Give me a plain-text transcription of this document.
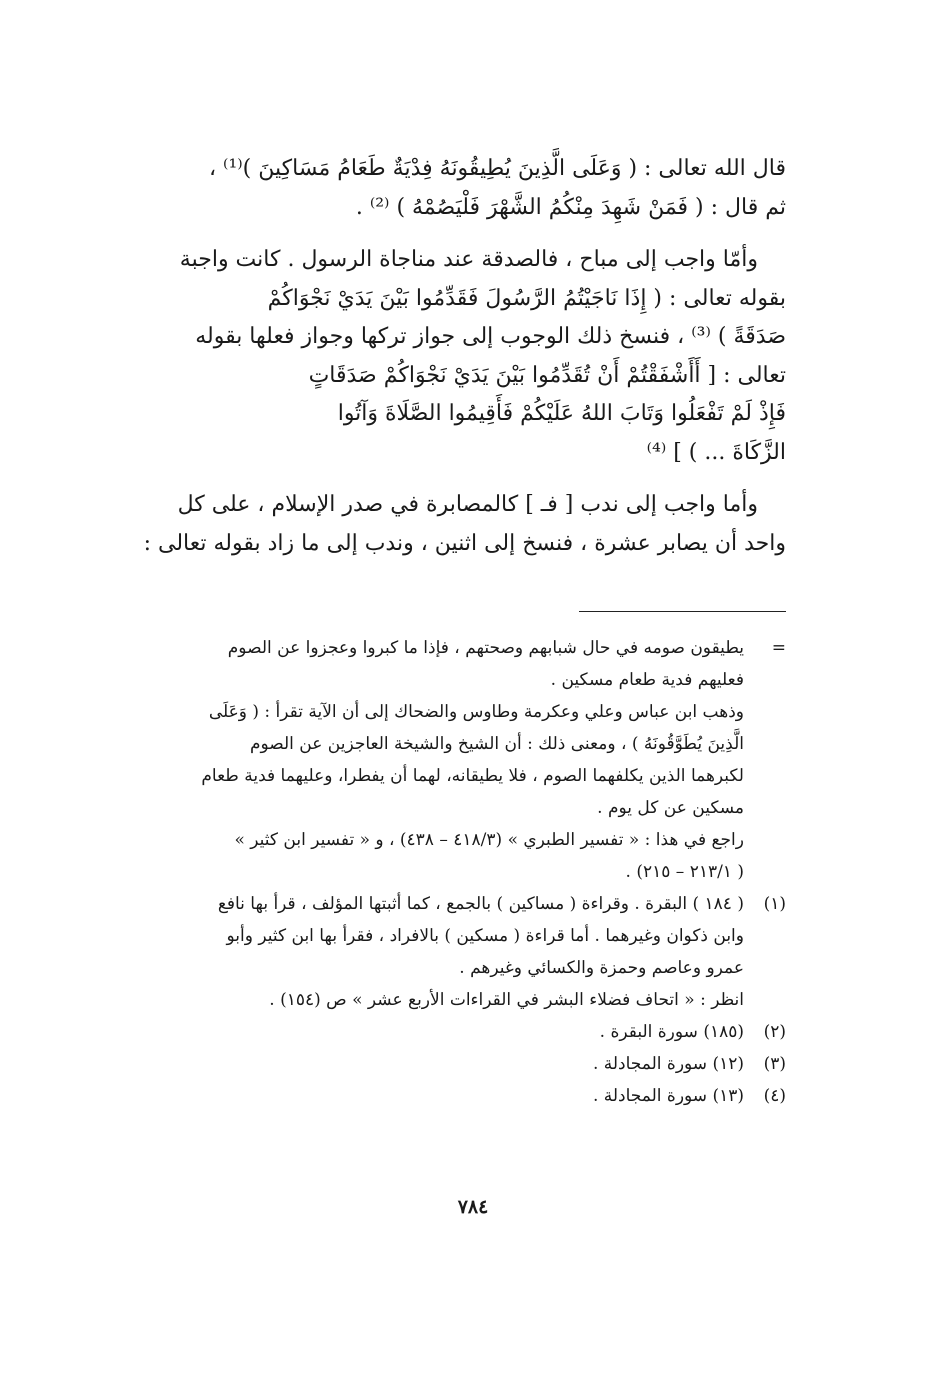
قال الله تعالى : ( وَعَلَى الَّذِينَ يُطِيقُونَهُ فِدْيَةٌ طَعَامُ مَسَاكِينَ )⁽¹⁾ ،

ثم قال : ( فَمَنْ شَهِدَ مِنْكُمُ الشَّهْرَ فَلْيَصُمْهُ ) ⁽²⁾ .

وأمّا واجب إلى مباح ، فالصدقة عند مناجاة الرسول . كانت واجبة

بقوله تعالى : ( إِذَا نَاجَيْتُمُ الرَّسُولَ فَقَدِّمُوا بَيْنَ يَدَيْ نَجْوَاكُمْ

صَدَقَةً ) ⁽³⁾ ، فنسخ ذلك الوجوب إلى جواز تركها وجواز فعلها بقوله

تعالى : [ أَأَشْفَقْتُمْ أَنْ تُقَدِّمُوا بَيْنَ يَدَيْ نَجْوَاكُمْ صَدَقَاتٍ

فَإِذْ لَمْ تَفْعَلُوا وَتَابَ اللهُ عَلَيْكُمْ فَأَقِيمُوا الصَّلَاةَ وَآتُوا

الزَّكَاةَ ... ) ] ⁽⁴⁾

وأما واجب إلى ندب [ فـ ] كالمصابرة في صدر الإسلام ، على كل

واحد أن يصابر عشرة ، فنسخ إلى اثنين ، وندب إلى ما زاد بقوله تعالى :

=

يطيقون صومه في حال شبابهم وصحتهم ، فإذا ما كبروا وعجزوا عن الصوم

فعليهم فدية طعام مسكين .

وذهب ابن عباس وعلي وعكرمة وطاوس والضحاك إلى أن الآية تقرأ : ( وَعَلَى

الَّذِينَ يُطَوَّقُونَهُ ) ، ومعنى ذلك : أن الشيخ والشيخة العاجزين عن الصوم

لكبرهما الذين يكلفهما الصوم ، فلا يطيقانه، لهما أن يفطرا، وعليهما فدية طعام

مسكين عن كل يوم .

راجع في هذا : « تفسير الطبري » (٤١٨/٣ – ٤٣٨) ، و « تفسير ابن كثير »

( ٢١٣/١ – ٢١٥) .

(١)

( ١٨٤ ) البقرة . وقراءة ( مساكين ) بالجمع ، كما أثبتها المؤلف ، قرأ بها نافع

وابن ذكوان وغيرهما . أما قراءة ( مسكين ) بالافراد ، فقرأ بها ابن كثير وأبو

عمرو وعاصم وحمزة والكسائي وغيرهم .

انظر : « اتحاف فضلاء البشر في القراءات الأربع عشر » ص (١٥٤) .

(٢)

(١٨٥) سورة البقرة .

(٣)

(١٢) سورة المجادلة .

(٤)

(١٣) سورة المجادلة .

٧٨٤
